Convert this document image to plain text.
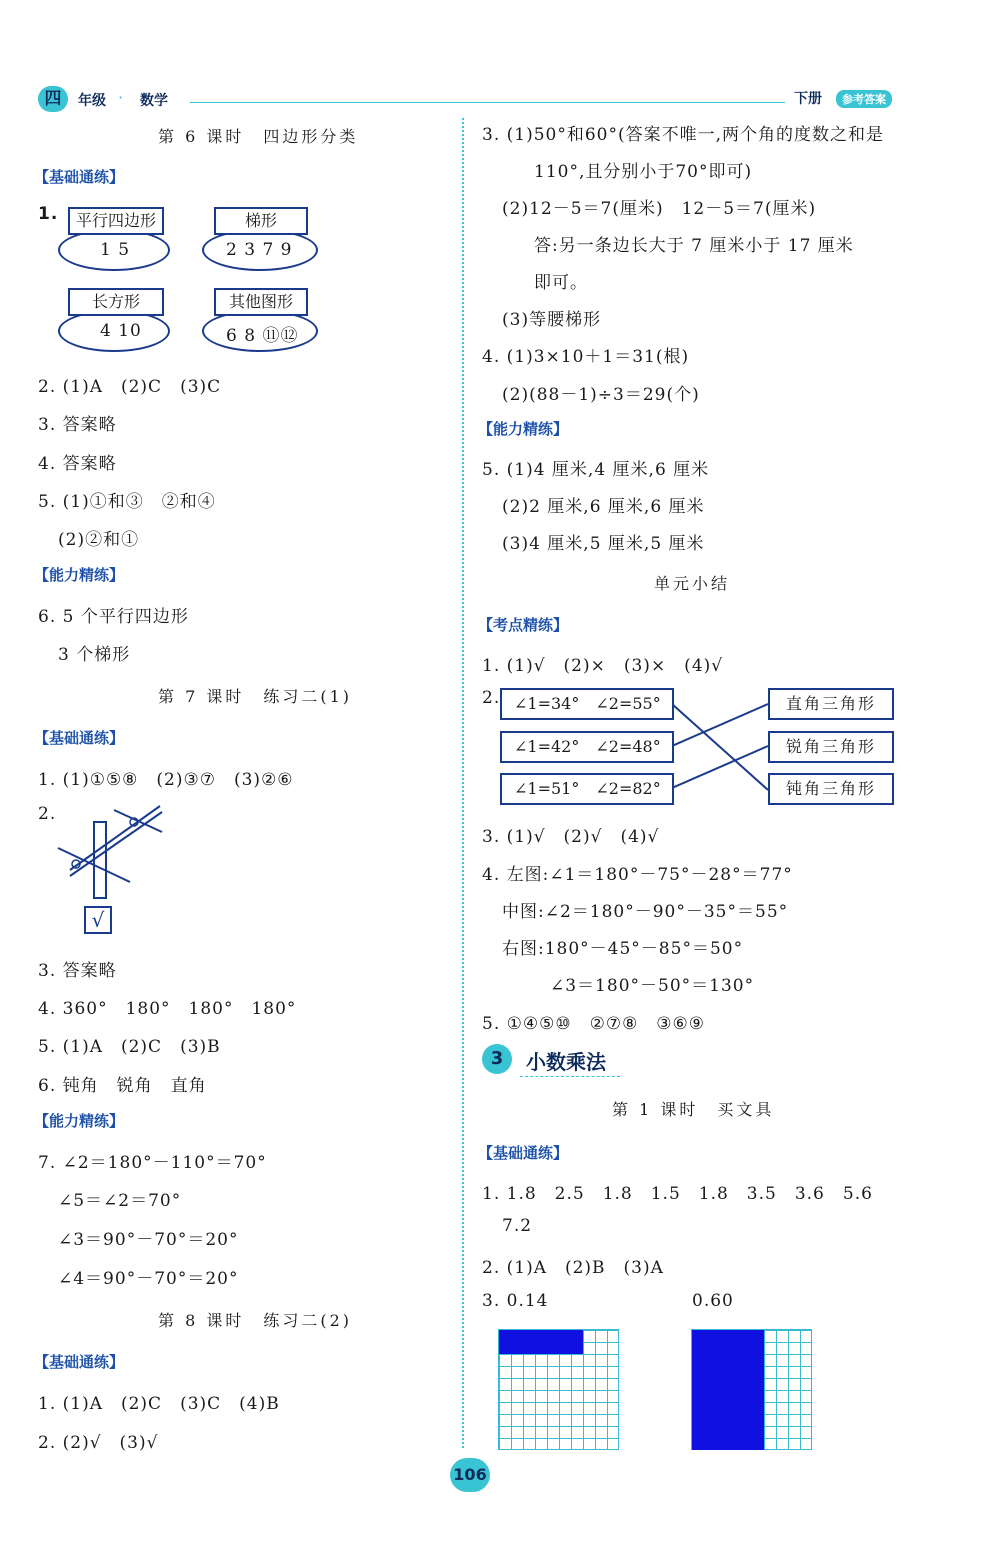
四	年级 · 数学	下册	参考答案
第 6 课时　四边形分类
【基础通练】
1.	平行四边形
1 5
梯形
2 3 7 9
长方形
4 10
其他图形
6 8 ⑪⑫
2. (1)A　(2)C　(3)C
3. 答案略
4. 答案略
5. (1)①和③　②和④
(2)②和①
【能力精练】
6. 5 个平行四边形
3 个梯形
第 7 课时　练习二(1)
【基础通练】
1. (1)①⑤⑧　(2)③⑦　(3)②⑥
2.
√
3. 答案略
4. 360°　180°　180°　180°
5. (1)A　(2)C　(3)B
6. 钝角　锐角　直角
【能力精练】
7. ∠2＝180°－110°＝70°
∠5＝∠2＝70°
∠3＝90°－70°＝20°
∠4＝90°－70°＝20°
第 8 课时　练习二(2)
【基础通练】
1. (1)A　(2)C　(3)C　(4)B
2. (2)√　(3)√
3. (1)50°和60°(答案不唯一,两个角的度数之和是
110°,且分别小于70°即可)
(2)12－5＝7(厘米)　12－5＝7(厘米)
答:另一条边长大于 7 厘米小于 17 厘米
即可。
(3)等腰梯形
4. (1)3×10＋1＝31(根)
(2)(88－1)÷3＝29(个)
【能力精练】
5. (1)4 厘米,4 厘米,6 厘米
(2)2 厘米,6 厘米,6 厘米
(3)4 厘米,5 厘米,5 厘米
单元小结
【考点精练】
1. (1)√　(2)×　(3)×　(4)√
2. ∠1=34°　∠2=55°
∠1=42°　∠2=48°
∠1=51°　∠2=82°
直角三角形
锐角三角形
钝角三角形
3. (1)√　(2)√　(4)√
4. 左图:∠1＝180°－75°－28°＝77°
中图:∠2＝180°－90°－35°＝55°
右图:180°－45°－85°＝50°
∠3＝180°－50°＝130°
5. ①④⑤⑩　②⑦⑧　③⑥⑨
3	小数乘法
第 1 课时　买文具
【基础通练】
1. 1.8　2.5　1.8　1.5　1.8　3.5　3.6　5.6
7.2
2. (1)A　(2)B　(3)A
3. 0.14	0.60
106
